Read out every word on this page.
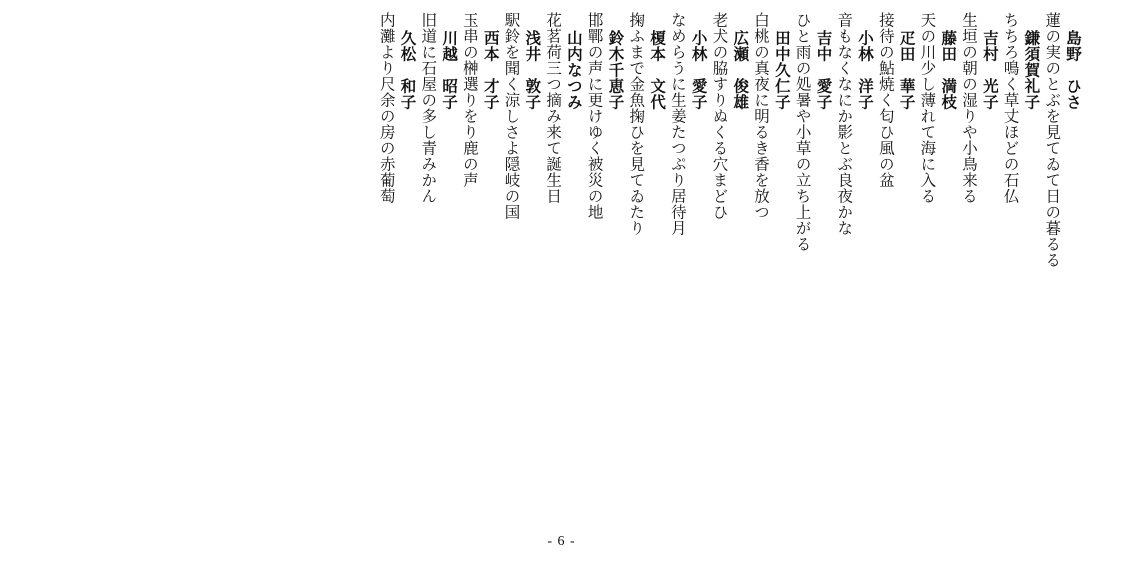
島野　ひさ
蓮の実のとぶを見てゐて日の暮るる
鎌須賀礼子
ちちろ鳴く草丈ほどの石仏
吉村　光子
生垣の朝の湿りや小鳥来る
藤田　満枝
天の川少し薄れて海に入る
疋田　華子
接待の鮎焼く匂ひ風の盆
小林　洋子
音もなくなにか影とぶ良夜かな
吉中　愛子
ひと雨の処暑や小草の立ち上がる
田中久仁子
白桃の真夜に明るき香を放つ
広瀬　俊雄
老犬の脇すりぬくる穴まどひ
小林　愛子
なめらうに生姜たつぷり居待月
榎本　文代
掬ふまで金魚掬ひを見てゐたり
鈴木千恵子
邯鄲の声に更けゆく被災の地
山内なつみ
花茗荷三つ摘み来て誕生日
浅井　敦子
駅鈴を聞く涼しさよ隠岐の国
西本　才子
玉串の榊選りをり鹿の声
川越　昭子
旧道に石屋の多し青みかん
久松　和子
内灘より尺余の房の赤葡萄
- 6 -
